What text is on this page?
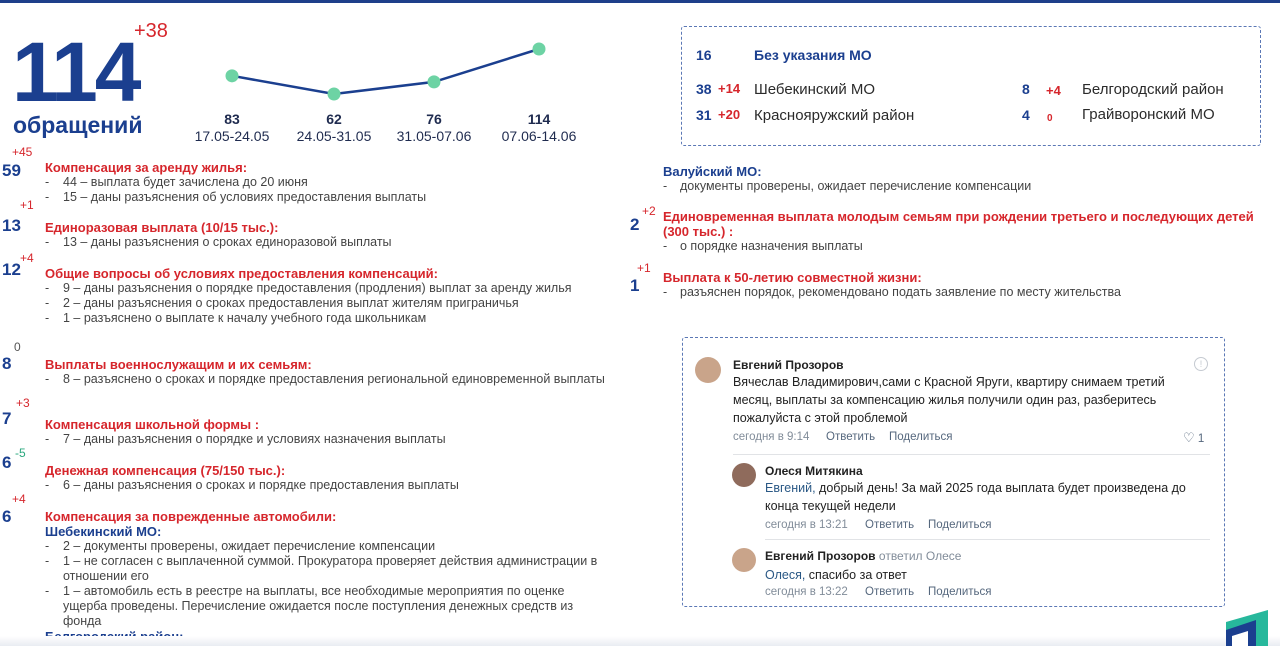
114
+38
обращений	83
17.05-24.05
62
24.05-31.05
76
31.05-07.06
114
07.06-14.06
59
+45
Компенсация за аренду жилья:
- 44 – выплата будет зачислена до 20 июня
- 15 – даны разъяснения об условиях предоставления выплаты
13
+1
Единоразовая выплата (10/15 тыс.):
- 13 – даны разъяснения о сроках единоразовой выплаты
12
+4
Общие вопросы об условиях предоставления компенсаций:
- 9 – даны разъяснения о порядке предоставления (продления) выплат за аренду жилья
- 2 – даны разъяснения о сроках предоставления выплат жителям приграничья
- 1 – разъяснено о выплате к началу учебного года школьникам
8
0
Выплаты военнослужащим и их семьям:
- 8 – разъяснено о сроках и порядке предоставления региональной единовременной выплаты
7
+3
Компенсация школьной формы :
- 7 – даны разъяснения о порядке и условиях назначения выплаты
6 -5
Денежная компенсация (75/150 тыс.):
- 6 – даны разъяснения о сроках и порядке предоставления выплаты
6
+4
Компенсация за поврежденные автомобили:
Шебекинский МО:
- 2 – документы проверены, ожидает перечисление компенсации
- 1 – не согласен с выплаченной суммой. Прокуратора проверяет действия администрации в отношении его
- 1 – автомобиль есть в реестре на выплаты, все необходимые мероприятия по оценке ущерба проведены. Перечисление ожидается после поступления денежных средств из фонда
16	Без указания МО
38 +14 Шебекинский МО
31 +20 Краснояружский район
8 +4 Белгородский район
4 0 Грайворонский МО
Валуйский МО:
- документы проверены, ожидает перечисление компенсации
2
+2 Единовременная выплата молодым семьям при рождении третьего и последующих детей (300 тыс.) :
- о порядке назначения выплаты
1
+1
Выплата к 50-летию совместной жизни:
- разъяснен порядок, рекомендовано подать заявление по месту жительства
Евгений Прозоров	!
Вячеслав Владимирович,сами с Красной Яруги, квартиру снимаем третий месяц, выплаты за компенсацию жилья получили один раз, разберитесь пожалуйста с этой проблемой
сегодня в 9:14 Ответить Поделиться	♡ 1
Олеся Митякина
Евгений, добрый день! За май 2025 года выплата будет произведена до конца текущей недели
сегодня в 13:21 Ответить Поделиться
Евгений Прозоров ответил Олесе
Олеся, спасибо за ответ
сегодня в 13:22 Ответить Поделиться
